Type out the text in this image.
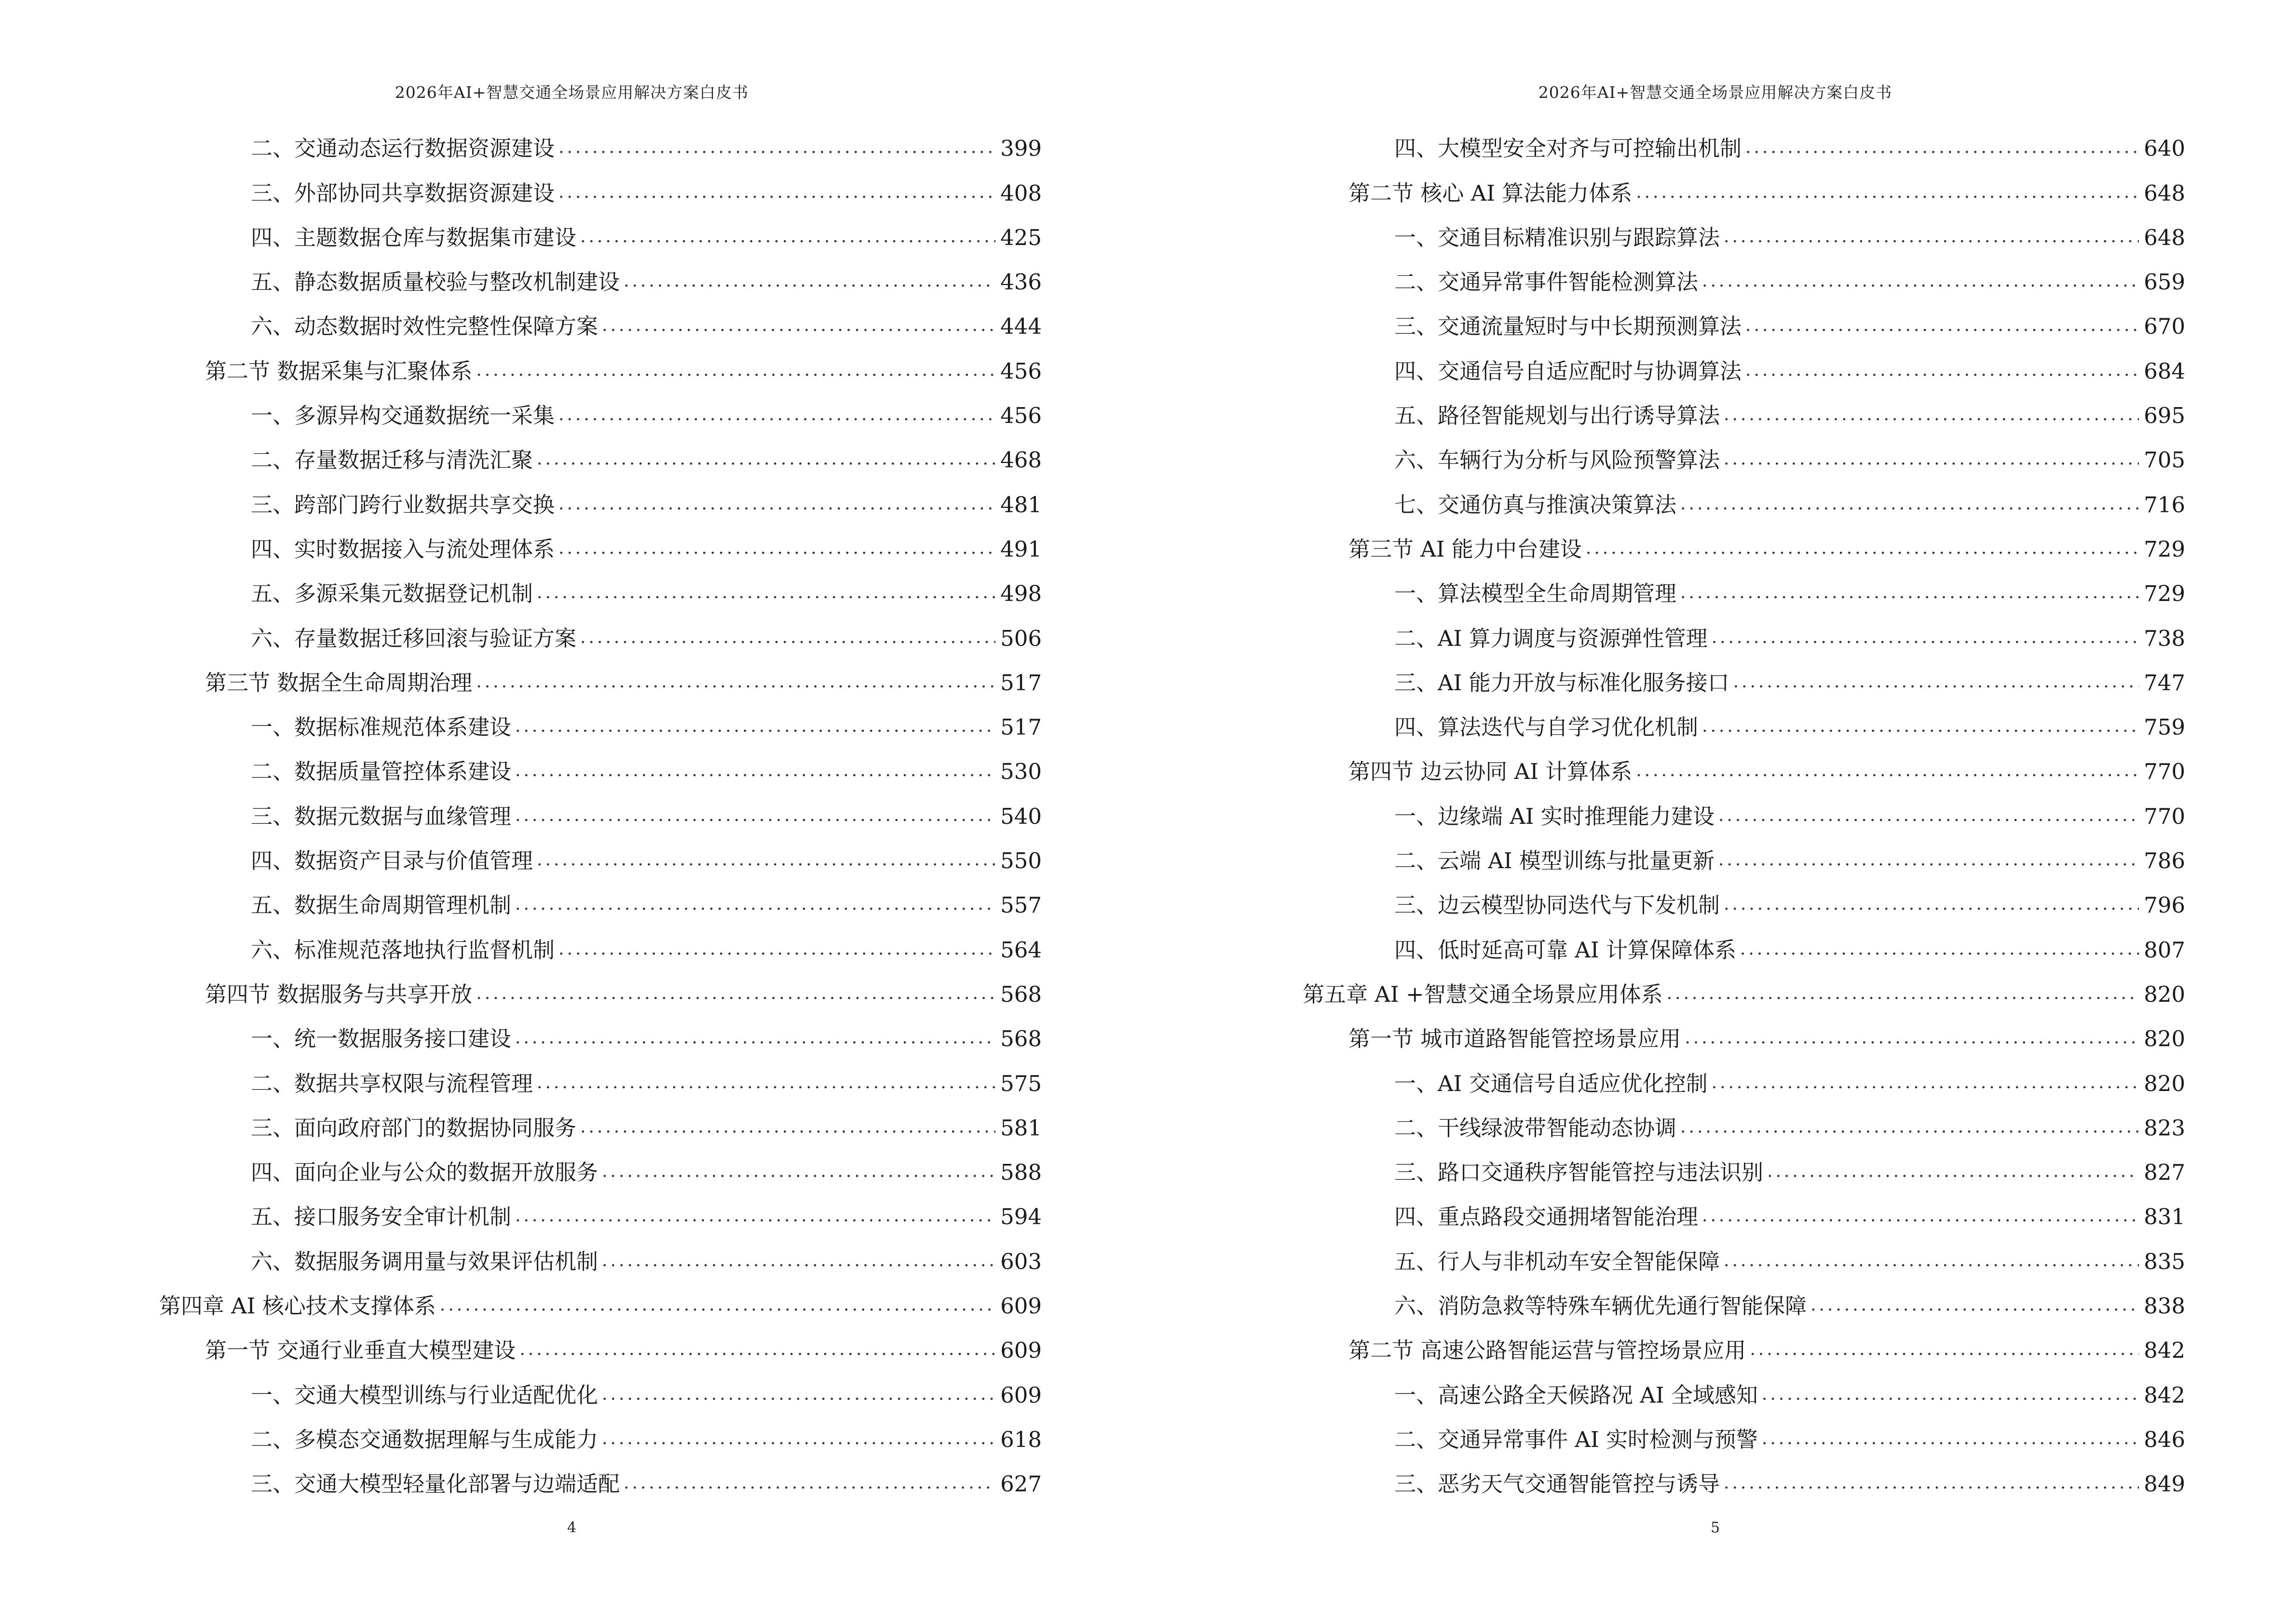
2026年AI+智慧交通全场景应用解决方案白皮书
二、交通动态运行数据资源建设 .....	399
三、外部协同共享数据资源建设 .....	408
四、主题数据仓库与数据集市建设 .....	425
五、静态数据质量校验与整改机制建设 .....	436
六、动态数据时效性完整性保障方案 .....	444
第二节 数据采集与汇聚体系 .....	456
一、多源异构交通数据统一采集 .....	456
二、存量数据迁移与清洗汇聚 .....	468
三、跨部门跨行业数据共享交换 .....	481
四、实时数据接入与流处理体系 .....	491
五、多源采集元数据登记机制 .....	498
六、存量数据迁移回滚与验证方案 .....	506
第三节 数据全生命周期治理 .....	517
一、数据标准规范体系建设 .....	517
二、数据质量管控体系建设 .....	530
三、数据元数据与血缘管理 .....	540
四、数据资产目录与价值管理 .....	550
五、数据生命周期管理机制 .....	557
六、标准规范落地执行监督机制 .....	564
第四节 数据服务与共享开放 .....	568
一、统一数据服务接口建设 .....	568
二、数据共享权限与流程管理 .....	575
三、面向政府部门的数据协同服务 .....	581
四、面向企业与公众的数据开放服务 .....	588
五、接口服务安全审计机制 .....	594
六、数据服务调用量与效果评估机制 .....	603
第四章 AI 核心技术支撑体系 .....	609
第一节 交通行业垂直大模型建设 .....	609
一、交通大模型训练与行业适配优化 .....	609
二、多模态交通数据理解与生成能力 .....	618
三、交通大模型轻量化部署与边端适配 .....	627
4
2026年AI+智慧交通全场景应用解决方案白皮书
四、大模型安全对齐与可控输出机制 .....	640
第二节 核心 AI 算法能力体系 .....	648
一、交通目标精准识别与跟踪算法 .....	648
二、交通异常事件智能检测算法 .....	659
三、交通流量短时与中长期预测算法 .....	670
四、交通信号自适应配时与协调算法 .....	684
五、路径智能规划与出行诱导算法 .....	695
六、车辆行为分析与风险预警算法 .....	705
七、交通仿真与推演决策算法 .....	716
第三节 AI 能力中台建设 .....	729
一、算法模型全生命周期管理 .....	729
二、AI 算力调度与资源弹性管理 .....	738
三、AI 能力开放与标准化服务接口 .....	747
四、算法迭代与自学习优化机制 .....	759
第四节 边云协同 AI 计算体系 .....	770
一、边缘端 AI 实时推理能力建设 .....	770
二、云端 AI 模型训练与批量更新 .....	786
三、边云模型协同迭代与下发机制 .....	796
四、低时延高可靠 AI 计算保障体系 .....	807
第五章 AI +智慧交通全场景应用体系 .....	820
第一节 城市道路智能管控场景应用 .....	820
一、AI 交通信号自适应优化控制 .....	820
二、干线绿波带智能动态协调 .....	823
三、路口交通秩序智能管控与违法识别 .....	827
四、重点路段交通拥堵智能治理 .....	831
五、行人与非机动车安全智能保障 .....	835
六、消防急救等特殊车辆优先通行智能保障 .....	838
第二节 高速公路智能运营与管控场景应用 .....	842
一、高速公路全天候路况 AI 全域感知 .....	842
二、交通异常事件 AI 实时检测与预警 .....	846
三、恶劣天气交通智能管控与诱导 .....	849
5
